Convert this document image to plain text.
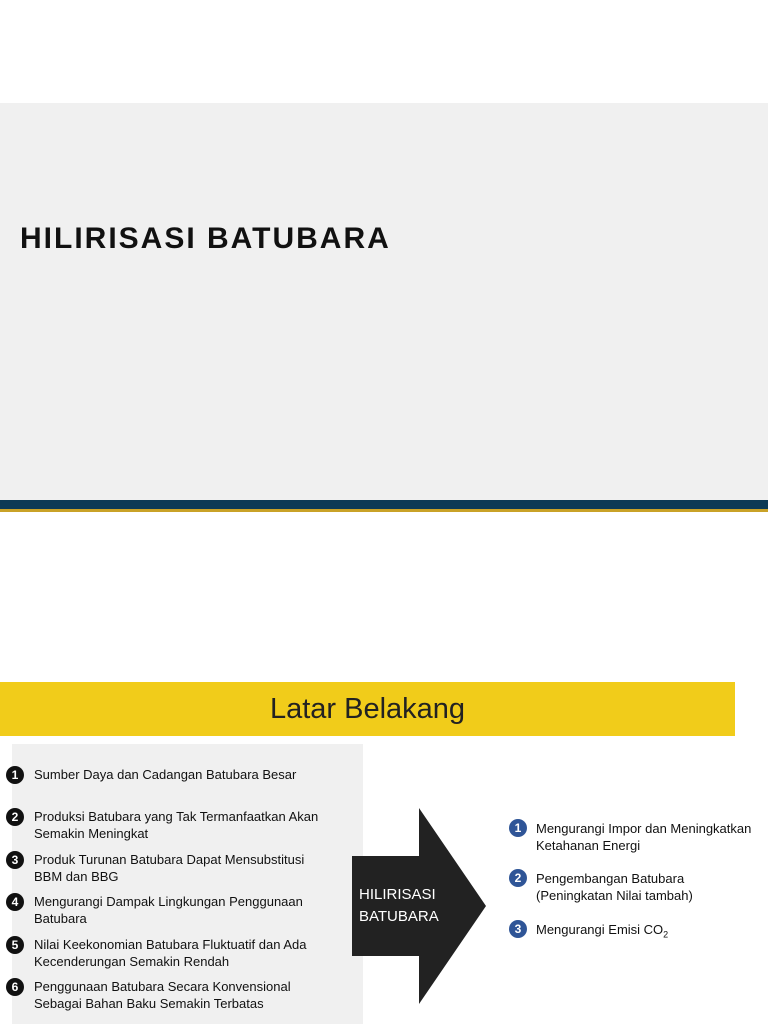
HILIRISASI BATUBARA
Latar Belakang
1	Sumber Daya dan Cadangan Batubara Besar
2	Produksi Batubara yang Tak Termanfaatkan Akan Semakin Meningkat
3	Produk Turunan Batubara Dapat Mensubstitusi BBM dan BBG
4	Mengurangi Dampak Lingkungan Penggunaan Batubara
5	Nilai Keekonomian Batubara Fluktuatif dan Ada Kecenderungan Semakin Rendah
6	Penggunaan Batubara Secara Konvensional Sebagai Bahan Baku Semakin Terbatas
HILIRISASI BATUBARA
1	Mengurangi Impor dan Meningkatkan Ketahanan Energi
2	Pengembangan Batubara (Peningkatan Nilai tambah)
3	Mengurangi Emisi $CO_2$
